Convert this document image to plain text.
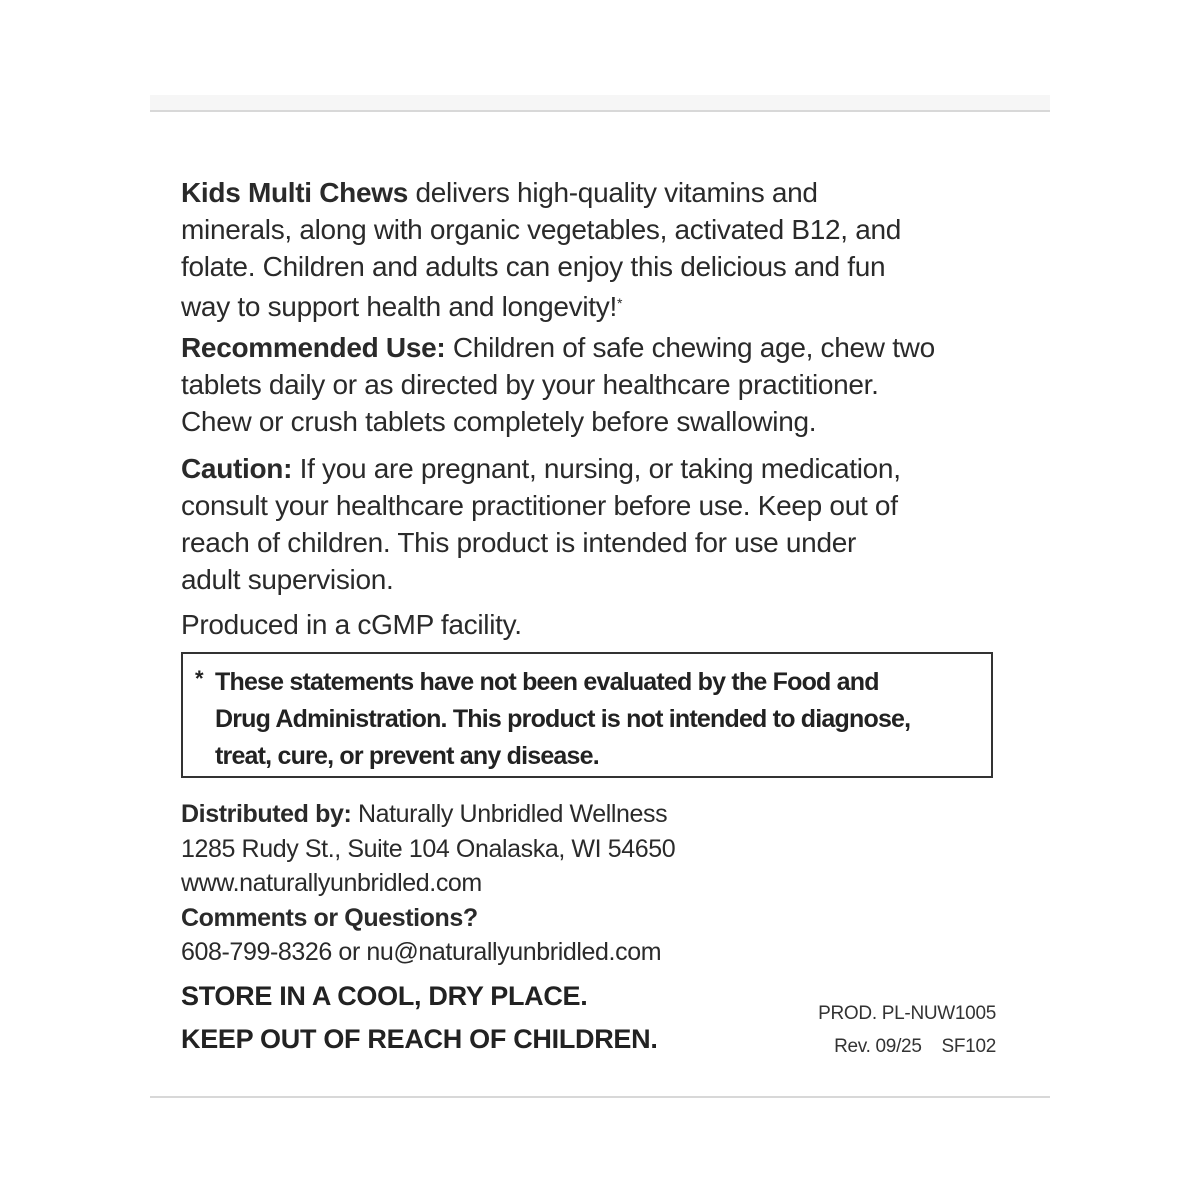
Kids Multi Chews delivers high-quality vitamins and
minerals, along with organic vegetables, activated B12, and
folate. Children and adults can enjoy this delicious and fun
way to support health and longevity!*
Recommended Use: Children of safe chewing age, chew two
tablets daily or as directed by your healthcare practitioner.
Chew or crush tablets completely before swallowing.
Caution: If you are pregnant, nursing, or taking medication,
consult your healthcare practitioner before use. Keep out of
reach of children. This product is intended for use under
adult supervision.
Produced in a cGMP facility.
* These statements have not been evaluated by the Food and
Drug Administration. This product is not intended to diagnose,
treat, cure, or prevent any disease.
Distributed by: Naturally Unbridled Wellness
1285 Rudy St., Suite 104 Onalaska, WI 54650
www.naturallyunbridled.com
Comments or Questions?
608-799-8326 or nu@naturallyunbridled.com
STORE IN A COOL, DRY PLACE.
KEEP OUT OF REACH OF CHILDREN.
PROD. PL-NUW1005
Rev. 09/25    SF102
